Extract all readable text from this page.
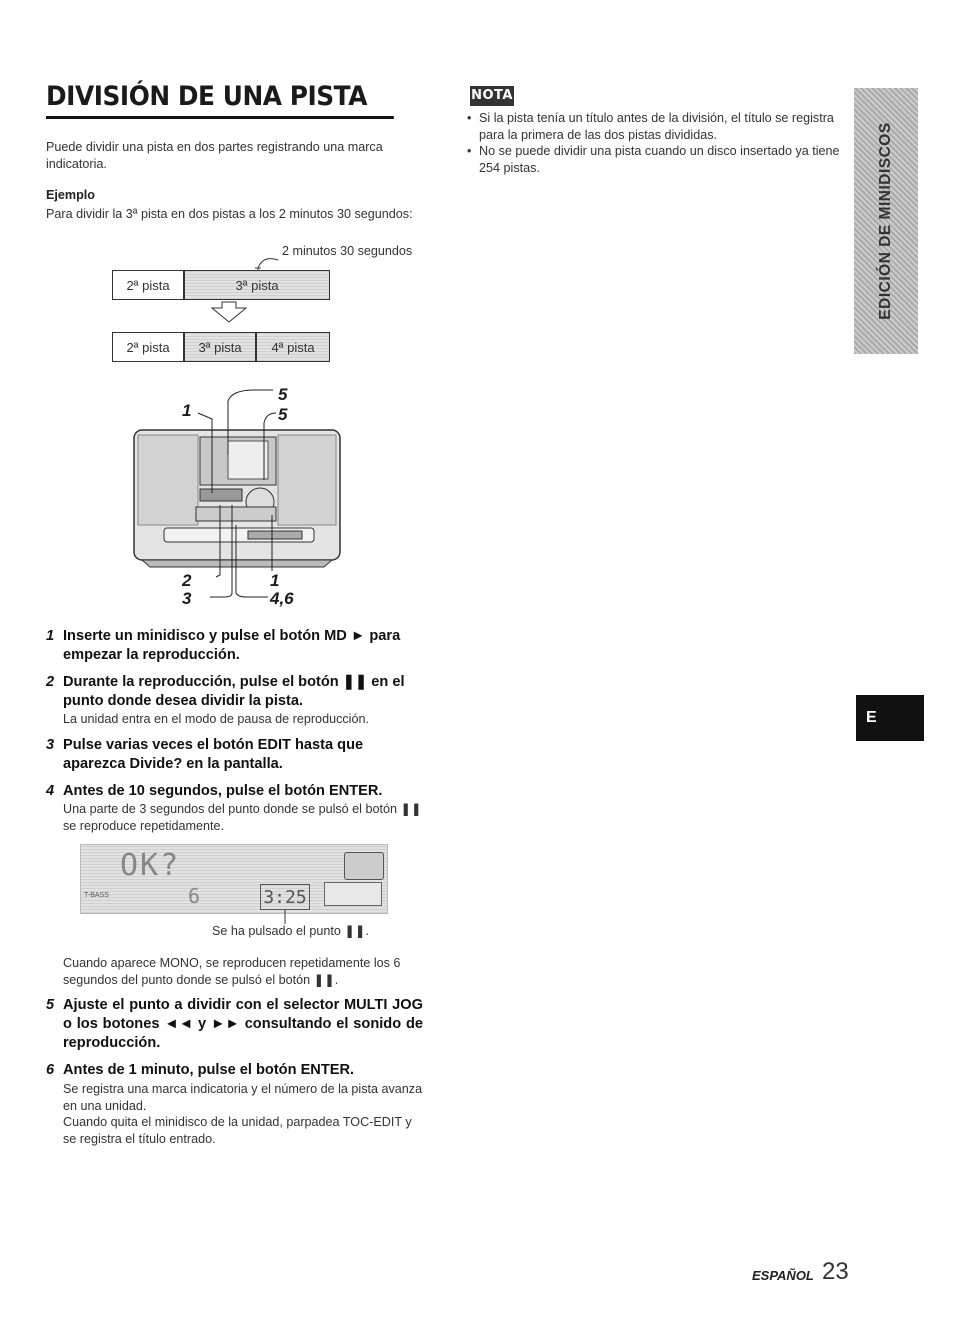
DIVISIÓN DE UNA PISTA
Puede dividir una pista en dos partes registrando una marca indicatoria.
Ejemplo
Para dividir la 3ª pista en dos pistas a los 2 minutos 30 segundos:
2 minutos 30 segundos
2ª pista	3ª pista
2ª pista	3ª pista	4ª pista
1
5
5
2
3
1
4,6
1 Inserte un minidisco y pulse el botón MD ► para empezar la reproducción.
2 Durante la reproducción, pulse el botón ❚❚ en el punto donde desea dividir la pista.
La unidad entra en el modo de pausa de reproducción.
3 Pulse varias veces el botón EDIT hasta que aparezca Divide? en la pantalla.
4 Antes de 10 segundos, pulse el botón ENTER.
Una parte de 3 segundos del punto donde se pulsó el botón ❚❚ se reproduce repetidamente.
OK?
T-BASS	6	3:25
Se ha pulsado el punto ❚❚.
Cuando aparece MONO, se reproducen repetidamente los 6 segundos del punto donde se pulsó el botón ❚❚.
5 Ajuste el punto a dividir con el selector MULTI JOG o los botones ◄◄ y ►► consultando el sonido de reproducción.
6 Antes de 1 minuto, pulse el botón ENTER.
Se registra una marca indicatoria y el número de la pista avanza en una unidad.
Cuando quita el minidisco de la unidad, parpadea TOC-EDIT y se registra el título entrado.
NOTA
• Si la pista tenía un título antes de la división, el título se registra para la primera de las dos pistas divididas.
• No se puede dividir una pista cuando un disco insertado ya tiene 254 pistas.	EDICIÓN DE MINIDISCOS
E
ESPAÑOL 23
